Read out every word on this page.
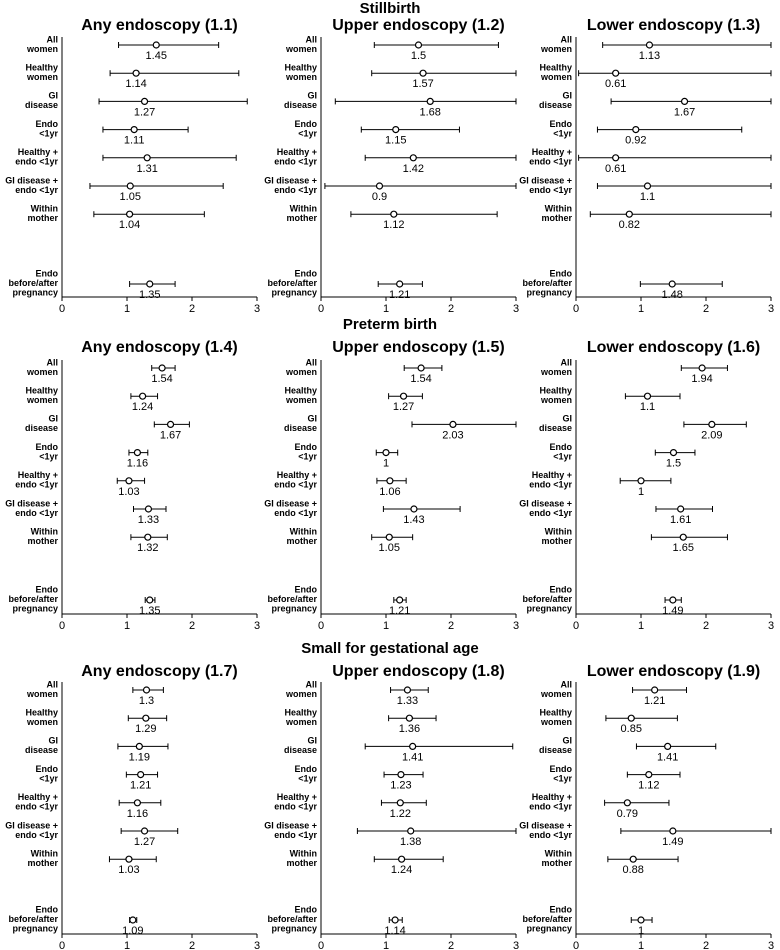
Stillbirth
Preterm birth
Small for gestational age
Any endoscopy (1.1)
0	1	2	3
All women
1.45
Healthy women
1.14
GI disease
1.27
Endo <1yr
1.11
Healthy + endo <1yr
1.31
GI disease + endo <1yr
1.05
Within mother
1.04
Endo before/after pregnancy	1.35
Upper endoscopy (1.2)
0	1	2	3
All women
1.5
Healthy women
1.57
GI disease
1.68
Endo <1yr
1.15
Healthy + endo <1yr
1.42
GI disease + endo <1yr
0.9
Within mother
1.12
Endo before/after pregnancy	1.21
Lower endoscopy (1.3)
0	1	2	3
All women
1.13
Healthy women
0.61
GI disease
1.67
Endo <1yr
0.92
Healthy + endo <1yr
0.61
GI disease + endo <1yr
1.1
Within mother
0.82
Endo before/after pregnancy	1.48
Any endoscopy (1.4)
0	1	2	3
All women
1.54
Healthy women
1.24
GI disease
1.67
Endo <1yr
1.16
Healthy + endo <1yr
1.03
GI disease + endo <1yr
1.33
Within mother
1.32
Endo before/after pregnancy	1.35
Upper endoscopy (1.5)
0	1	2	3
All women
1.54
Healthy women
1.27
GI disease
2.03
Endo <1yr
1
Healthy + endo <1yr
1.06
GI disease + endo <1yr
1.43
Within mother
1.05
Endo before/after pregnancy	1.21
Lower endoscopy (1.6)
0	1	2	3
All women
1.94
Healthy women
1.1
GI disease
2.09
Endo <1yr
1.5
Healthy + endo <1yr
1
GI disease + endo <1yr
1.61
Within mother
1.65
Endo before/after pregnancy	1.49
Any endoscopy (1.7)
0	1	2	3
All women
1.3
Healthy women
1.29
GI disease
1.19
Endo <1yr
1.21
Healthy + endo <1yr
1.16
GI disease + endo <1yr
1.27
Within mother
1.03
Endo before/after pregnancy	1.09
Upper endoscopy (1.8)
0	1	2	3
All women
1.33
Healthy women
1.36
GI disease
1.41
Endo <1yr
1.23
Healthy + endo <1yr
1.22
GI disease + endo <1yr
1.38
Within mother
1.24
Endo before/after pregnancy	1.14
Lower endoscopy (1.9)
0	1	2	3
All women
1.21
Healthy women
0.85
GI disease
1.41
Endo <1yr
1.12
Healthy + endo <1yr
0.79
GI disease + endo <1yr
1.49
Within mother
0.88
Endo before/after pregnancy	1
